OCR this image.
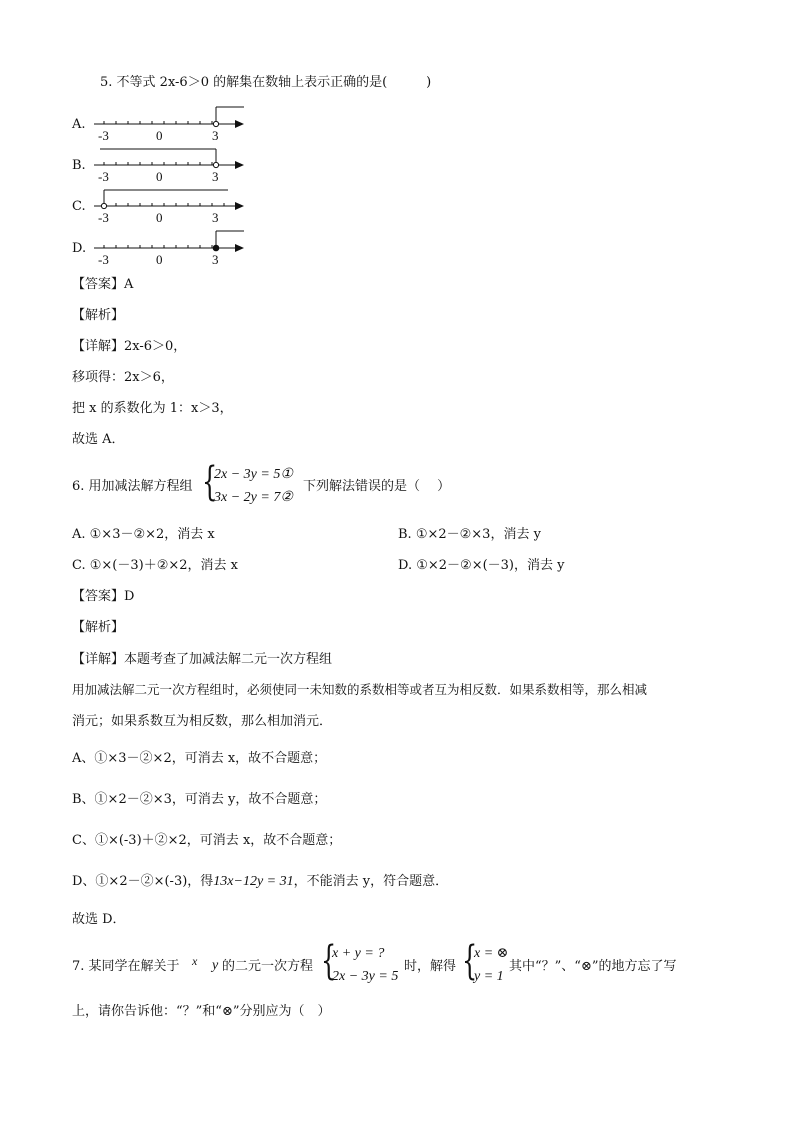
5. 不等式 2x-6＞0 的解集在数轴上表示正确的是(　　　)
A.
-3	0	3
B.
-3	0	3
C.
-3	0	3
D.
-3	0	3
【答案】A
【解析】
【详解】2x-6＞0，
移项得：2x＞6，
把 x 的系数化为 1：x＞3，
故选 A．
6. 用加减法解方程组 {
2x − 3y = 5①
3x − 2y = 7②
下列解法错误的是（　 ）
A. ①×3－②×2，消去 x	B. ①×2－②×3，消去 y
C. ①×(－3)＋②×2，消去 x	D. ①×2－②×(－3)，消去 y
【答案】D
【解析】
【详解】本题考查了加减法解二元一次方程组
用加减法解二元一次方程组时，必须使同一未知数的系数相等或者互为相反数．如果系数相等，那么相减
消元；如果系数互为相反数，那么相加消元．
A、①×3－②×2，可消去 x，故不合题意；
B、①×2－②×3，可消去 y，故不合题意；
C、①×(-3)＋②×2，可消去 x，故不合题意；
D、①×2－②×(-3)，得13x−12y = 31，不能消去 y，符合题意．
故选 D．
7. 某同学在解关于 x y 的二元一次方程 {
x + y = ?
2x − 3y = 5
时，解得 {
x = ⊗
y = 1
其中“？”、“⊗”的地方忘了写
上，请你告诉他：“？”和“⊗”分别应为（　）
